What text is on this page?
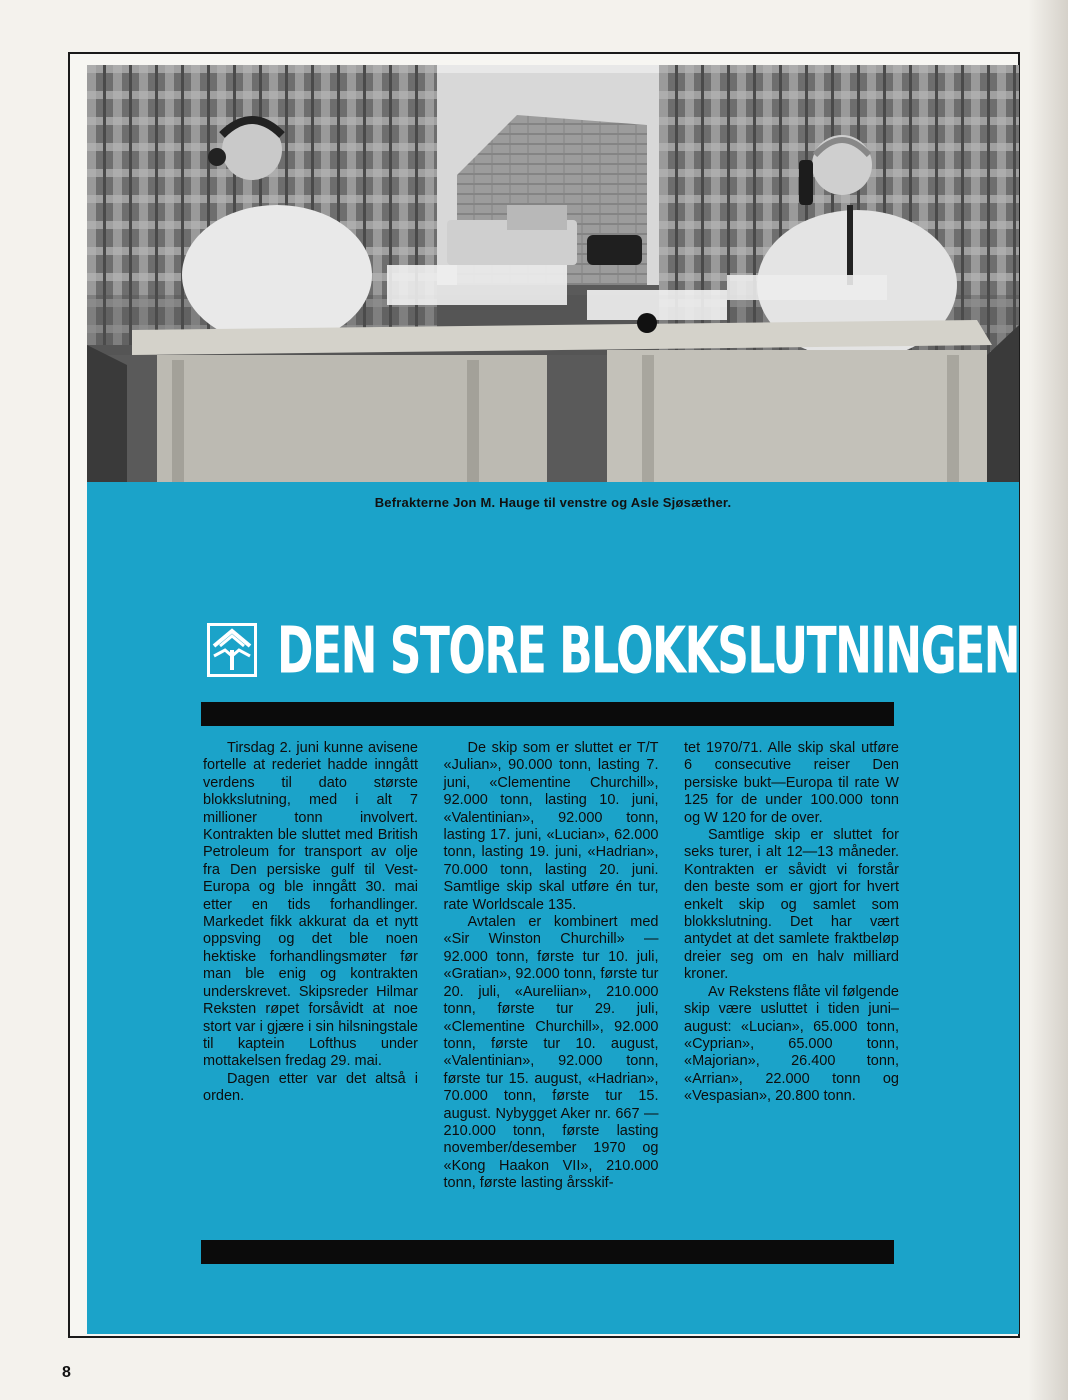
Befrakterne Jon M. Hauge til venstre og Asle Sjøsæther.
DEN STORE BLOKKSLUTNINGEN

Tirsdag 2. juni kunne avisene fortelle at rederiet hadde inngått verdens til dato største blokkslutning, med i alt 7 millioner tonn involvert. Kontrakten ble sluttet med British Petroleum for transport av olje fra Den persiske gulf til Vest-Europa og ble inngått 30. mai etter en tids forhandlinger. Markedet fikk akkurat da et nytt oppsving og det ble noen hektiske forhandlingsmøter før man ble enig og kontrakten underskrevet. Skipsreder Hilmar Reksten røpet forsåvidt at noe stort var i gjære i sin hilsningstale til kaptein Lofthus under mottakelsen fredag 29. mai.

Dagen etter var det altså i orden.

De skip som er sluttet er T/T «Julian», 90.000 tonn, lasting 7. juni, «Clementine Churchill», 92.000 tonn, lasting 10. juni, «Valentinian», 92.000 tonn, lasting 17. juni, «Lucian», 62.000 tonn, lasting 19. juni, «Hadrian», 70.000 tonn, lasting 20. juni. Samtlige skip skal utføre én tur, rate Worldscale 135.

Avtalen er kombinert med «Sir Winston Churchill» — 92.000 tonn, første tur 10. juli, «Gratian», 92.000 tonn, første tur 20. juli, «Aureliian», 210.000 tonn, første tur 29. juli, «Clementine Churchill», 92.000 tonn, første tur 10. august, «Valentinian», 92.000 tonn, første tur 15. august, «Hadrian», 70.000 tonn, første tur 15. august. Nybygget Aker nr. 667 — 210.000 tonn, første lasting november/desember 1970 og «Kong Haakon VII», 210.000 tonn, første lasting årsskif-

tet 1970/71. Alle skip skal utføre 6 consecutive reiser Den persiske bukt—Europa til rate W 125 for de under 100.000 tonn og W 120 for de over.

Samtlige skip er sluttet for seks turer, i alt 12—13 måneder. Kontrakten er såvidt vi forstår den beste som er gjort for hvert enkelt skip og samlet som blokkslutning. Det har vært antydet at det samlete fraktbeløp dreier seg om en halv milliard kroner.

Av Rekstens flåte vil følgende skip være usluttet i tiden juni–august: «Lucian», 65.000 tonn, «Cyprian», 65.000 tonn, «Majorian», 26.400 tonn, «Arrian», 22.000 tonn og «Vespasian», 20.800 tonn.

8
